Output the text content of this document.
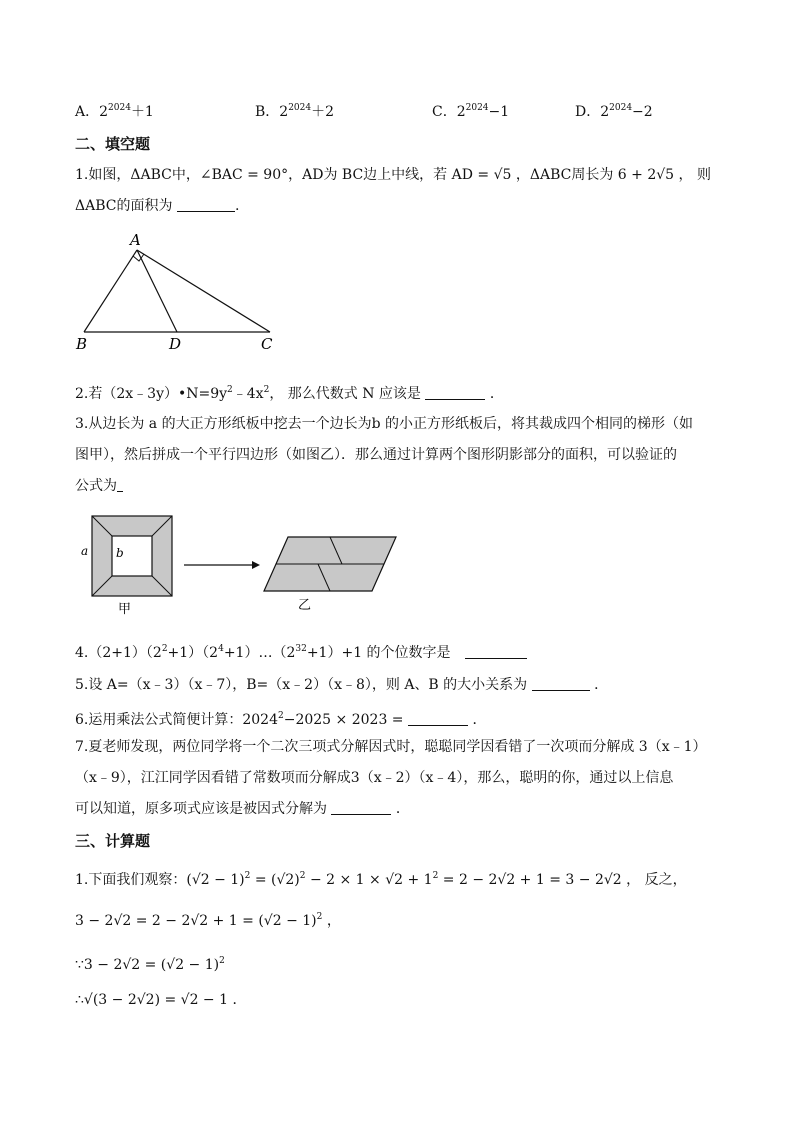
A．$2^{2024}+1$	B．$2^{2024}+2$	C．$2^{2024}-1$	D．$2^{2024}-2$
二、填空题
1.如图，ΔABC中，∠BAC = 90°，AD为 BC边上中线，若 AD = √5 ，ΔABC周长为 6 + 2√5 ， 则
ΔABC的面积为	.
A
B	D	C
2.若$(2x﹣3y)•N=9y^2﹣4x^2$， 那么代数式 N 应该是	．
3.从边长为 a 的大正方形纸板中挖去一个边长为b 的小正方形纸板后，将其裁成四个相同的梯形（如
图甲），然后拼成一个平行四边形（如图乙）．那么通过计算两个图形阴影部分的面积，可以验证的
公式为
a b
甲	乙
$4.(2+1)(2^2+1)(2^4+1)\dots(2^{32}+1)+1$ 的个位数字是　
5.设 A=（x﹣3）（x﹣7），B=（x﹣2）（x﹣8），则 A、B 的大小关系为	．
6.运用乘法公式简便计算：$2024^2-2025 \times 2023$ =	．
7.夏老师发现，两位同学将一个二次三项式分解因式时，聪聪同学因看错了一次项而分解成 3（x﹣1）
（x﹣9），江江同学因看错了常数项而分解成3（x﹣2）（x﹣4），那么，聪明的你，通过以上信息
可以知道，原多项式应该是被因式分解为	．
三、计算题
1.下面我们观察：$(√2 - 1)^2 = (√2)^2 - 2 \times 1 \times √2 + 1^2 = 2 - 2√2 + 1 = 3 - 2√2$ ， 反之，
$3 - 2√2 = 2 - 2√2 + 1 = (√2 - 1)^2$ ，
∵3 − $2√2 = (√2 - 1)^2$
∴√(3 − 2√2) = √2 − 1 ．
